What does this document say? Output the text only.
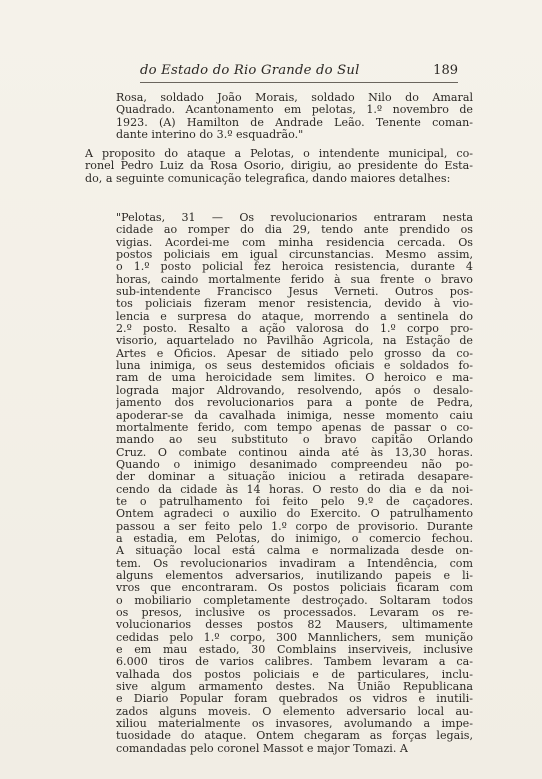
do Estado do Rio Grande do Sul	189
Rosa, soldado João Morais, soldado Nilo do Amaral
Quadrado. Acantonamento em pelotas, 1.º novembro de
1923. (A) Hamilton de Andrade Leão. Tenente coman-
dante interino do 3.º esquadrão."
A proposito do ataque a Pelotas, o intendente municipal, co-
ronel Pedro Luiz da Rosa Osorio, dirigiu, ao presidente do Esta-
do, a seguinte comunicação telegrafica, dando maiores detalhes:
"Pelotas, 31 — Os revolucionarios entraram nesta
cidade ao romper do dia 29, tendo ante prendido os
vigias. Acordei-me com minha residencia cercada. Os
postos policiais em igual circunstancias. Mesmo assim,
o 1.º posto policial fez heroica resistencia, durante 4
horas, caindo mortalmente ferido à sua frente o bravo
sub-intendente Francisco Jesus Verneti. Outros pos-
tos policiais fizeram menor resistencia, devido à vio-
lencia e surpresa do ataque, morrendo a sentinela do
2.º posto. Resalto a ação valorosa do 1.º corpo pro-
visorio, aquartelado no Pavilhão Agricola, na Estação de
Artes e Oficios. Apesar de sitiado pelo grosso da co-
luna inimiga, os seus destemidos oficiais e soldados fo-
ram de uma heroicidade sem limites. O heroico e ma-
lograda major Aldrovando, resolvendo, após o desalo-
jamento dos revolucionarios para a ponte de Pedra,
apoderar-se da cavalhada inimiga, nesse momento caiu
mortalmente ferido, com tempo apenas de passar o co-
mando ao seu substituto o bravo capitão Orlando
Cruz. O combate continou ainda até às 13,30 horas.
Quando o inimigo desanimado compreendeu não po-
der dominar a situação iniciou a retirada desapare-
cendo da cidade às 14 horas. O resto do dia e da noi-
te o patrulhamento foi feito pelo 9.º de caçadores.
Ontem agradeci o auxilio do Exercito. O patrulhamento
passou a ser feito pelo 1.º corpo de provisorio. Durante
a estadia, em Pelotas, do inimigo, o comercio fechou.
A situação local está calma e normalizada desde on-
tem. Os revolucionarios invadiram a Intendência, com
alguns elementos adversarios, inutilizando papeis e li-
vros que encontraram. Os postos policiais ficaram com
o mobiliario completamente destroçado. Soltaram todos
os presos, inclusive os processados. Levaram os re-
volucionarios desses postos 82 Mausers, ultimamente
cedidas pelo 1.º corpo, 300 Mannlichers, sem munição
e em mau estado, 30 Comblains inserviveis, inclusive
6.000 tiros de varios calibres. Tambem levaram a ca-
valhada dos postos policiais e de particulares, inclu-
sive algum armamento destes. Na União Republicana
e Diario Popular foram quebrados os vidros e inutili-
zados alguns moveis. O elemento adversario local au-
xiliou materialmente os invasores, avolumando a impe-
tuosidade do ataque. Ontem chegaram as forças legais,
comandadas pelo coronel Massot e major Tomazi. A
